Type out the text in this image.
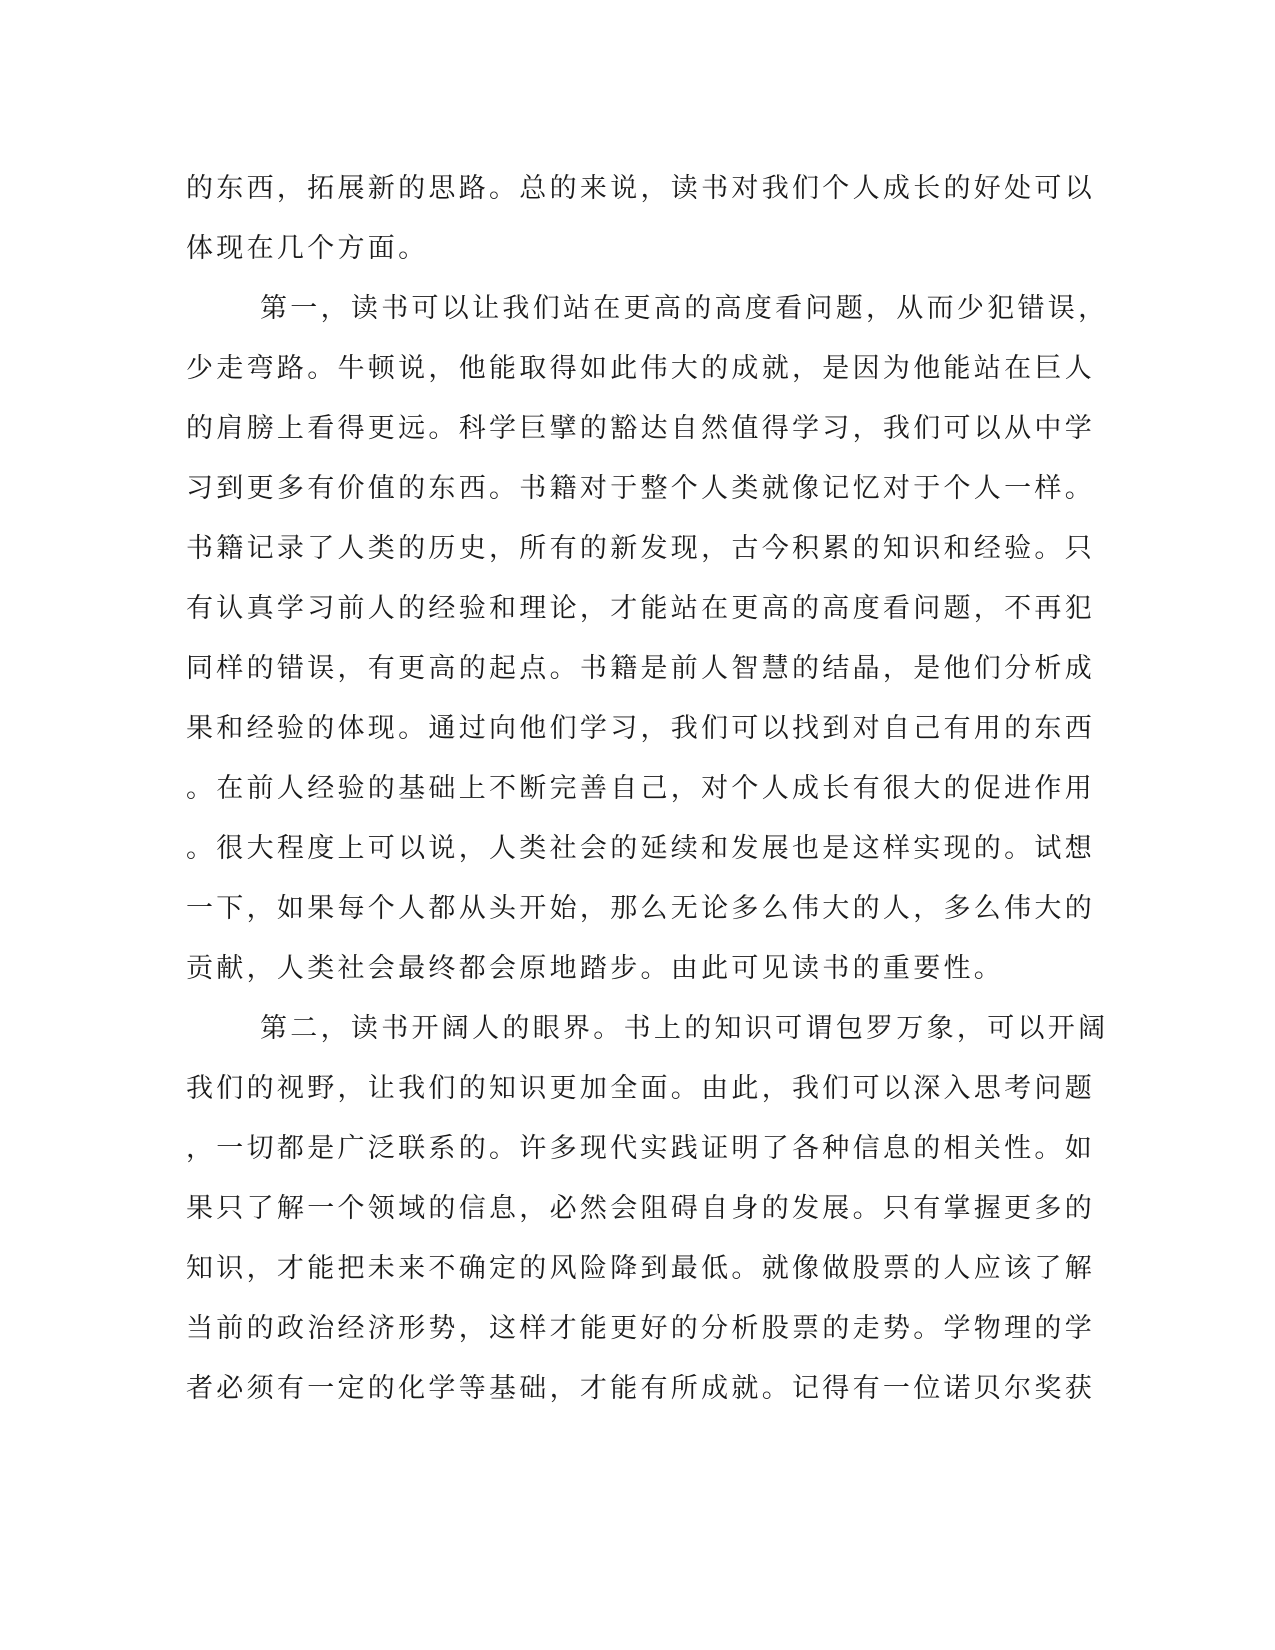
的东西，拓展新的思路。总的来说，读书对我们个人成长的好处可以
体现在几个方面。
第一，读书可以让我们站在更高的高度看问题，从而少犯错误，
少走弯路。牛顿说，他能取得如此伟大的成就，是因为他能站在巨人
的肩膀上看得更远。科学巨擘的豁达自然值得学习，我们可以从中学
习到更多有价值的东西。书籍对于整个人类就像记忆对于个人一样。
书籍记录了人类的历史，所有的新发现，古今积累的知识和经验。只
有认真学习前人的经验和理论，才能站在更高的高度看问题，不再犯
同样的错误，有更高的起点。书籍是前人智慧的结晶，是他们分析成
果和经验的体现。通过向他们学习，我们可以找到对自己有用的东西
。在前人经验的基础上不断完善自己，对个人成长有很大的促进作用
。很大程度上可以说，人类社会的延续和发展也是这样实现的。试想
一下，如果每个人都从头开始，那么无论多么伟大的人，多么伟大的
贡献，人类社会最终都会原地踏步。由此可见读书的重要性。
第二，读书开阔人的眼界。书上的知识可谓包罗万象，可以开阔
我们的视野，让我们的知识更加全面。由此，我们可以深入思考问题
，一切都是广泛联系的。许多现代实践证明了各种信息的相关性。如
果只了解一个领域的信息，必然会阻碍自身的发展。只有掌握更多的
知识，才能把未来不确定的风险降到最低。就像做股票的人应该了解
当前的政治经济形势，这样才能更好的分析股票的走势。学物理的学
者必须有一定的化学等基础，才能有所成就。记得有一位诺贝尔奖获
